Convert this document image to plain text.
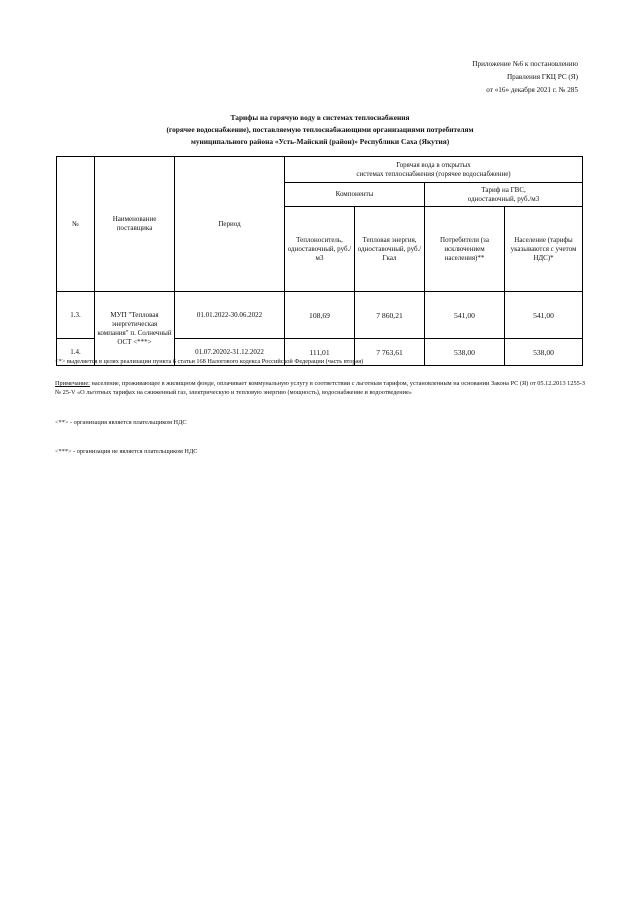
Приложение №6 к постановлению
Правления ГКЦ РС (Я)
от «16» декабря 2021 г. № 285
Тарифы на горячую воду в системах теплоснабжения
(горячее водоснабжение), поставляемую теплоснабжающими организациями потребителям
муниципального района «Усть-Майский (район)» Республики Саха (Якутия)
№	Наименование поставщика	Период	Горячая вода в открытых
системах теплоснабжения (горячее водоснабжение)			

			Компоненты		Тариф на ГВС,
одноставочный, руб./м3	

			Теплоноситель, одноставочный, руб./м3	Тепловая энергия, одноставочный, руб./Гкал	Потребители (за исключением населения)**	Население (тарифы указываются с учетом НДС)*
1.3.	МУП "Тепловая энергетическая компания" п. Солнечный ОСТ <***>	01.01.2022-30.06.2022	108,69	7 860,21	541,00	541,00
1.4.		01.07.20202-31.12.2022	111,01	7 763,61	538,00	538,00
<*> выделяется в целях реализации пункта 6 статьи 168 Налогового кодекса Российской Федерации (часть вторая)
Примечание: население, проживающее в жилищном фонде, оплачивает коммунальную услугу в соответствии с льготным тарифом, установленным на основании Закона РС (Я) от 05.12.2013 1255-З № 25-V «О льготных тарифах на сжиженный газ, электрическую и тепловую энергию (мощность), водоснабжение и водоотведение»
<**> - организация является плательщиком НДС
<***> - организация не является плательщиком НДС
